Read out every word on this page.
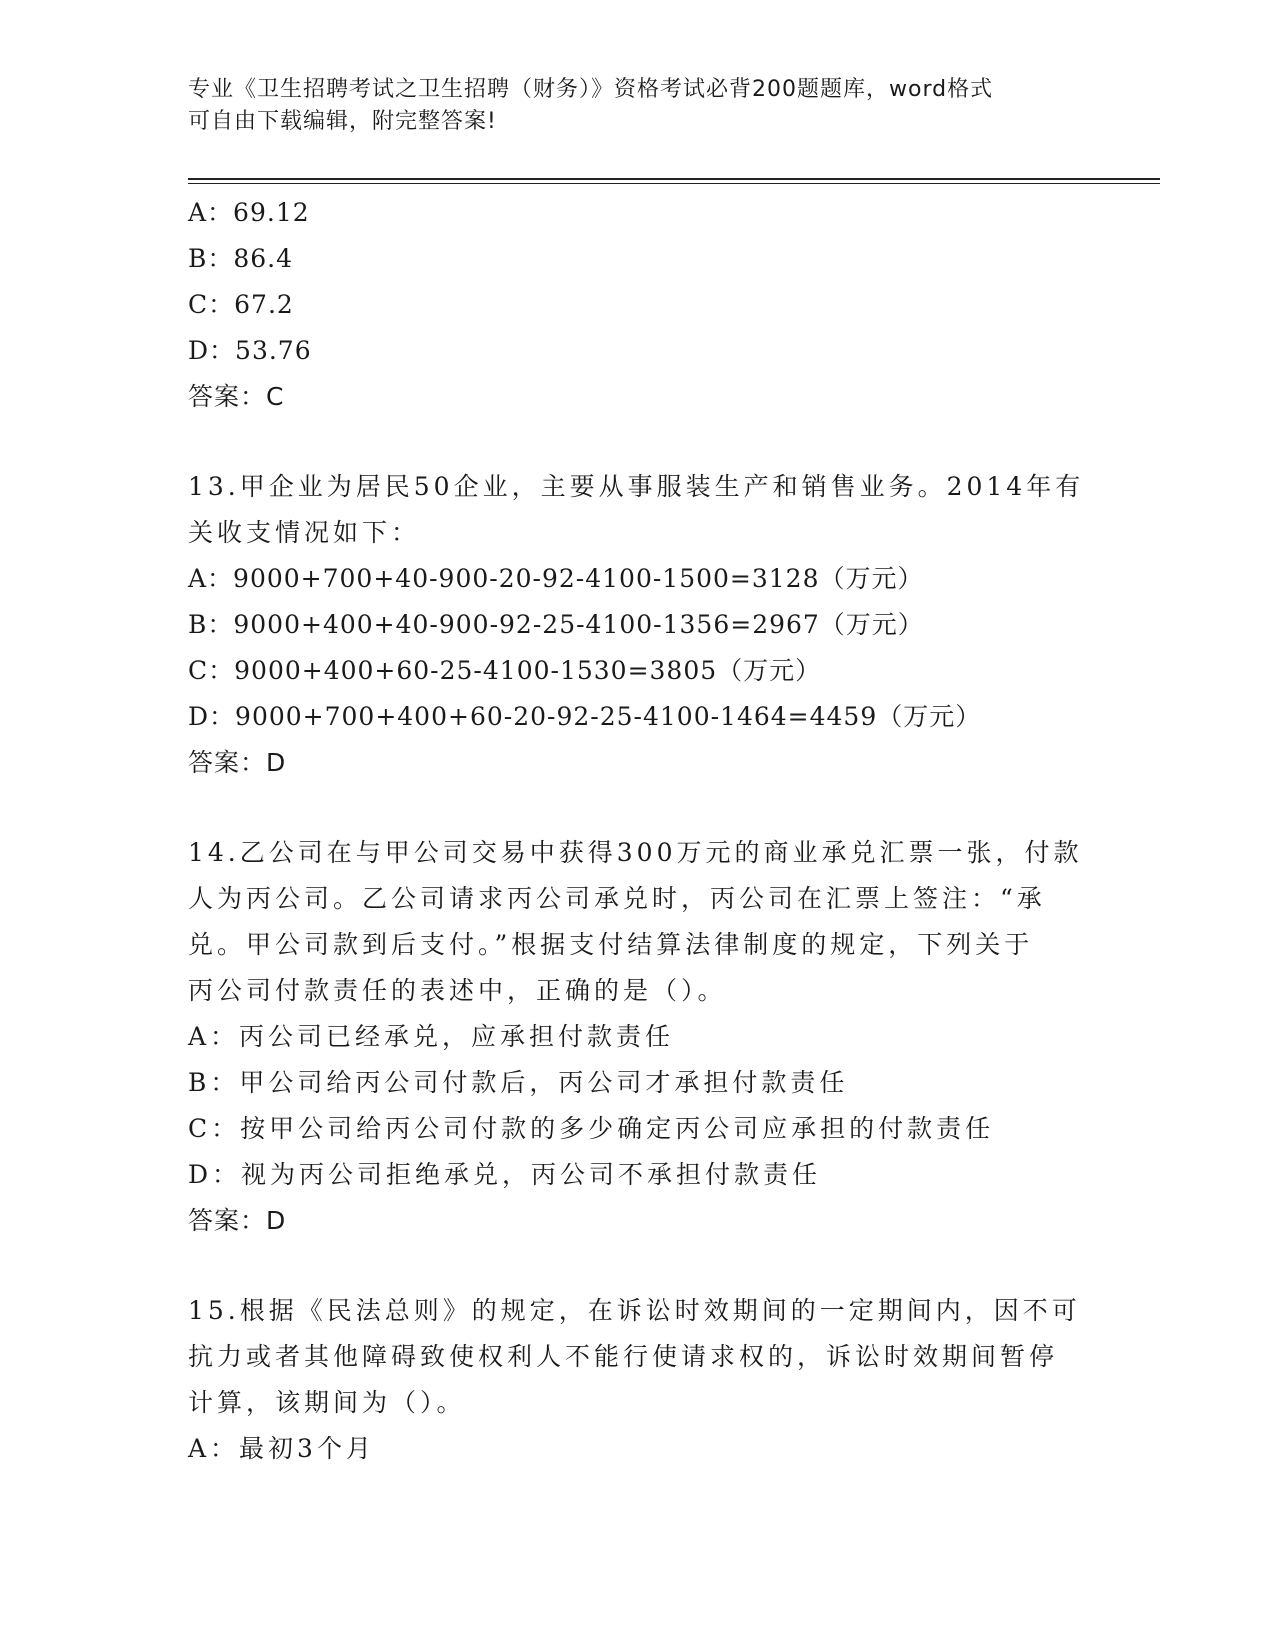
专业《卫生招聘考试之卫生招聘（财务）》资格考试必背200题题库，word格式
可自由下载编辑，附完整答案!
A：69.12
B：86.4
C：67.2
D：53.76
答案：C
13.甲企业为居民50企业，主要从事服装生产和销售业务。2014年有
关收支情况如下：
A：9000+700+40-900-20-92-4100-1500=3128（万元）
B：9000+400+40-900-92-25-4100-1356=2967（万元）
C：9000+400+60-25-4100-1530=3805（万元）
D：9000+700+400+60-20-92-25-4100-1464=4459（万元）
答案：D
14.乙公司在与甲公司交易中获得300万元的商业承兑汇票一张，付款
人为丙公司。乙公司请求丙公司承兑时，丙公司在汇票上签注：“承
兑。甲公司款到后支付。”根据支付结算法律制度的规定，下列关于
丙公司付款责任的表述中，正确的是（）。
A：丙公司已经承兑，应承担付款责任
B：甲公司给丙公司付款后，丙公司才承担付款责任
C：按甲公司给丙公司付款的多少确定丙公司应承担的付款责任
D：视为丙公司拒绝承兑，丙公司不承担付款责任
答案：D
15.根据《民法总则》的规定，在诉讼时效期间的一定期间内，因不可
抗力或者其他障碍致使权利人不能行使请求权的，诉讼时效期间暂停
计算，该期间为（）。
A：最初3个月
